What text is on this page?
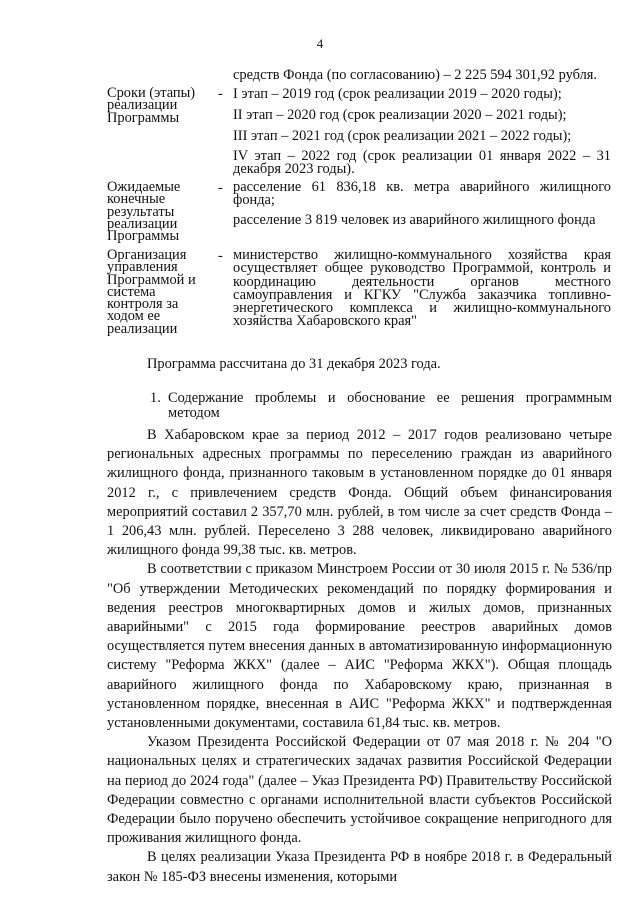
4
средств Фонда (по согласованию) – 2 225 594 301,92 рубля.
Сроки (этапы) реализации Программы
- I этап – 2019 год (срок реализации 2019 – 2020 годы);

II этап – 2020 год (срок реализации 2020 – 2021 годы);

III этап – 2021 год (срок реализации 2021 – 2022 годы);

IV этап – 2022 год (срок реализации 01 января 2022 – 31 декабря 2023 годы).

Ожидаемые конечные результаты реализации Программы
- расселение 61 836,18 кв. метра аварийного жилищного фонда;

расселение 3 819 человек из аварийного жилищного фонда

Организация управления Программой и система контроля за ходом ее реализации
- министерство жилищно-коммунального хозяйства края осуществляет общее руководство Программой, контроль и координацию деятельности органов местного самоуправления и КГКУ "Служба заказчика топливно-энергетического комплекса и жилищно-коммунального хозяйства Хабаровского края"

Программа рассчитана до 31 декабря 2023 года.

1. Содержание проблемы и обоснование ее решения программным методом

В Хабаровском крае за период 2012 – 2017 годов реализовано четыре региональных адресных программы по переселению граждан из аварийного жилищного фонда, признанного таковым в установленном порядке до 01 января 2012 г., с привлечением средств Фонда. Общий объем финансирования мероприятий составил 2 357,70 млн. рублей, в том числе за счет средств Фонда – 1 206,43 млн. рублей. Переселено 3 288 человек, ликвидировано аварийного жилищного фонда 99,38 тыс. кв. метров.

В соответствии с приказом Минстроем России от 30 июля 2015 г. № 536/пр "Об утверждении Методических рекомендаций по порядку формирования и ведения реестров многоквартирных домов и жилых домов, признанных аварийными" с 2015 года формирование реестров аварийных домов осуществляется путем внесения данных в автоматизированную информационную систему "Реформа ЖКХ" (далее – АИС "Реформа ЖКХ"). Общая площадь аварийного жилищного фонда по Хабаровскому краю, признанная в установленном порядке, внесенная в АИС "Реформа ЖКХ" и подтвержденная установленными документами, составила 61,84 тыс. кв. метров.

Указом Президента Российской Федерации от 07 мая 2018 г. № 204 "О национальных целях и стратегических задачах развития Российской Федерации на период до 2024 года" (далее – Указ Президента РФ) Правительству Российской Федерации совместно с органами исполнительной власти субъектов Российской Федерации было поручено обеспечить устойчивое сокращение непригодного для проживания жилищного фонда.

В целях реализации Указа Президента РФ в ноябре 2018 г. в Федеральный закон № 185-ФЗ внесены изменения, которыми
